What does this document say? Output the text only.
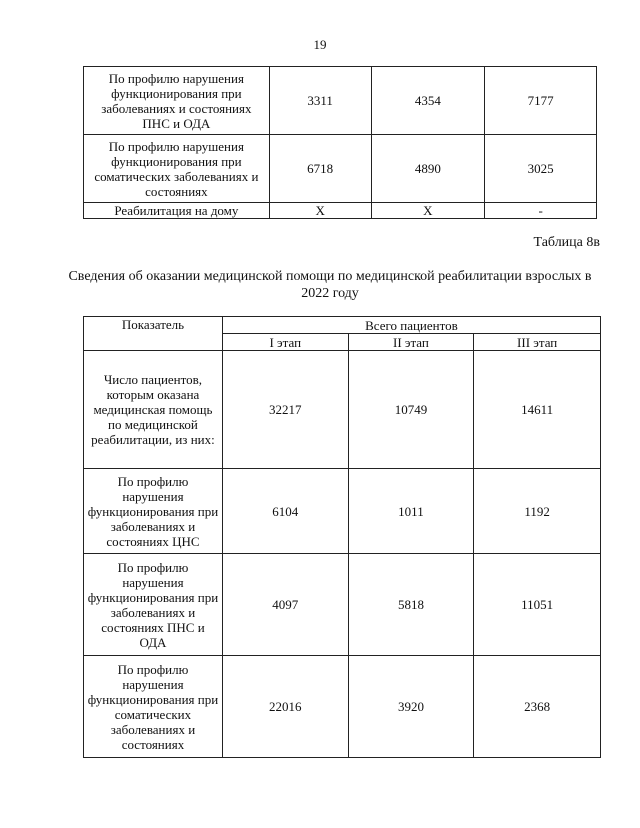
19
По профилю нарушения функционирования при заболеваниях и состояниях ПНС и ОДА	3311	4354	7177
По профилю нарушения функционирования при соматических заболеваниях и состояниях	6718	4890	3025
Реабилитация на дому	Х	Х	-
Таблица 8в
Сведения об оказании медицинской помощи по медицинской реабилитации взрослых в 2022 году
Показатель	Всего пациентов		
	I этап	II этап	III этап
Число пациентов, которым оказана медицинская помощь по медицинской реабилитации, из них:	32217	10749	14611
По профилю нарушения функционирования при заболеваниях и состояниях ЦНС	6104	1011	1192
По профилю нарушения функционирования при заболеваниях и состояниях ПНС и ОДА	4097	5818	11051
По профилю нарушения функционирования при соматических заболеваниях и состояниях	22016	3920	2368
